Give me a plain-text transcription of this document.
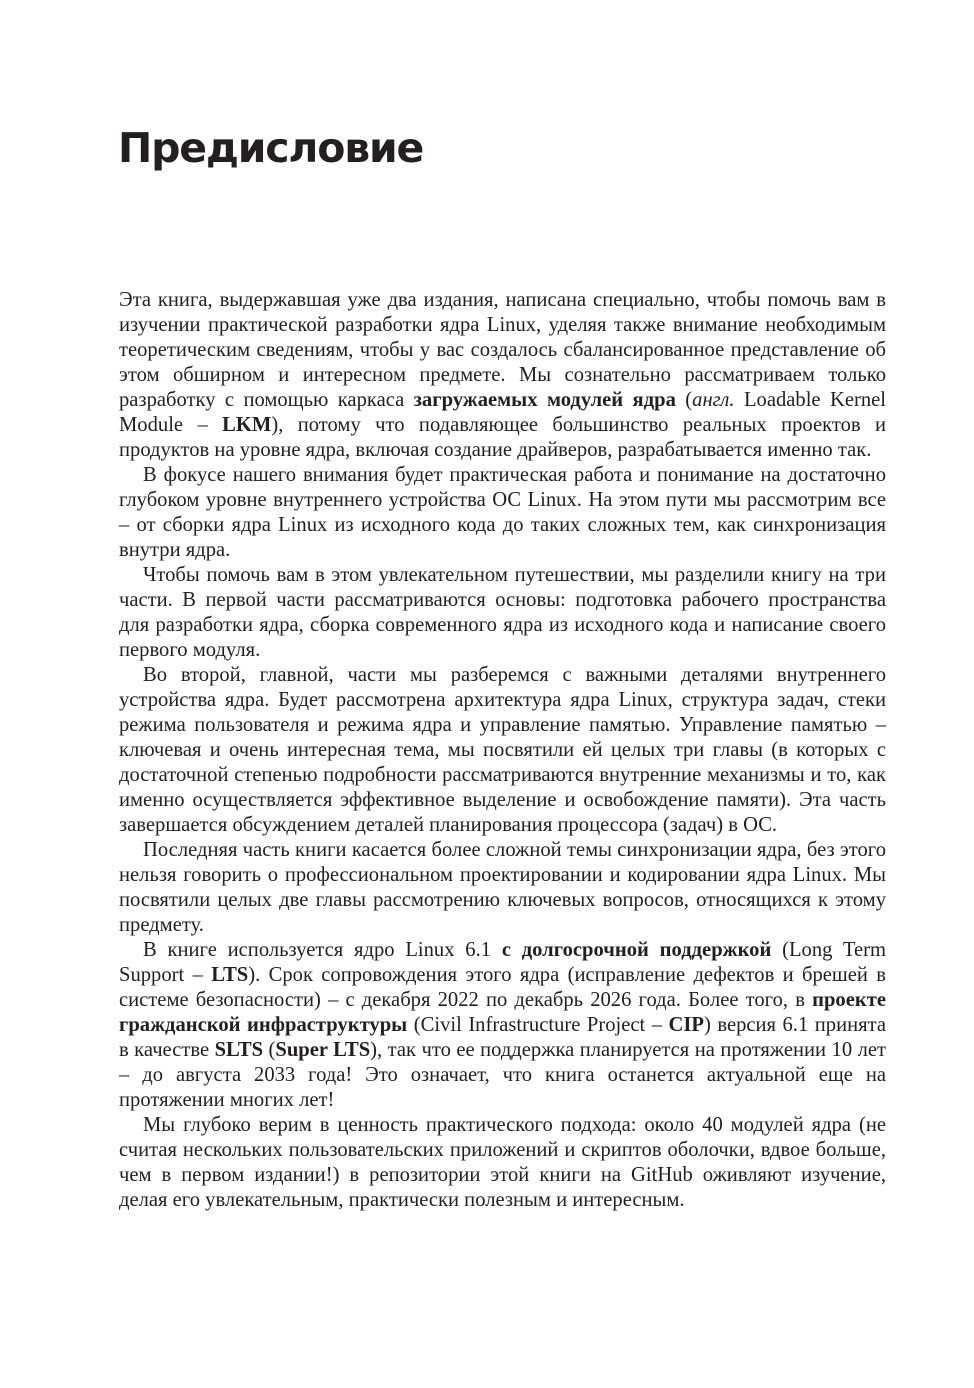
Предисловие

Эта книга, выдержавшая уже два издания, написана специально, чтобы помочь вам в изучении практической разработки ядра Linux, уделяя также внимание необходимым теоретическим сведениям, чтобы у вас создалось сбалансированное представление об этом обширном и интересном предмете. Мы сознательно рассматриваем только разработку с помощью каркаса загружаемых модулей ядра (англ. Loadable Kernel Module – LKM), потому что подавляющее большинство реальных проектов и продуктов на уровне ядра, включая создание драйверов, разрабатывается именно так.

В фокусе нашего внимания будет практическая работа и понимание на достаточно глубоком уровне внутреннего устройства ОС Linux. На этом пути мы рассмотрим все – от сборки ядра Linux из исходного кода до таких сложных тем, как синхронизация внутри ядра.

Чтобы помочь вам в этом увлекательном путешествии, мы разделили книгу на три части. В первой части рассматриваются основы: подготовка рабочего пространства для разработки ядра, сборка современного ядра из исходного кода и написание своего первого модуля.

Во второй, главной, части мы разберемся с важными деталями внутреннего устройства ядра. Будет рассмотрена архитектура ядра Linux, структура задач, стеки режима пользователя и режима ядра и управление памятью. Управление памятью – ключевая и очень интересная тема, мы посвятили ей целых три главы (в которых с достаточной степенью подробности рассматриваются внутренние механизмы и то, как именно осуществляется эффективное выделение и освобождение памяти). Эта часть завершается обсуждением деталей планирования процессора (задач) в ОС.

Последняя часть книги касается более сложной темы синхронизации ядра, без этого нельзя говорить о профессиональном проектировании и кодировании ядра Linux. Мы посвятили целых две главы рассмотрению ключевых вопросов, относящихся к этому предмету.

В книге используется ядро Linux 6.1 с долгосрочной поддержкой (Long Term Support – LTS). Срок сопровождения этого ядра (исправление дефектов и брешей в системе безопасности) – с декабря 2022 по декабрь 2026 года. Более того, в проекте гражданской инфраструктуры (Civil Infrastructure Project – CIP) версия 6.1 принята в качестве SLTS (Super LTS), так что ее поддержка планируется на протяжении 10 лет – до августа 2033 года! Это означает, что книга останется актуальной еще на протяжении многих лет!

Мы глубоко верим в ценность практического подхода: около 40 модулей ядра (не считая нескольких пользовательских приложений и скриптов оболочки, вдвое больше, чем в первом издании!) в репозитории этой книги на GitHub оживляют изучение, делая его увлекательным, практически полезным и интересным.
